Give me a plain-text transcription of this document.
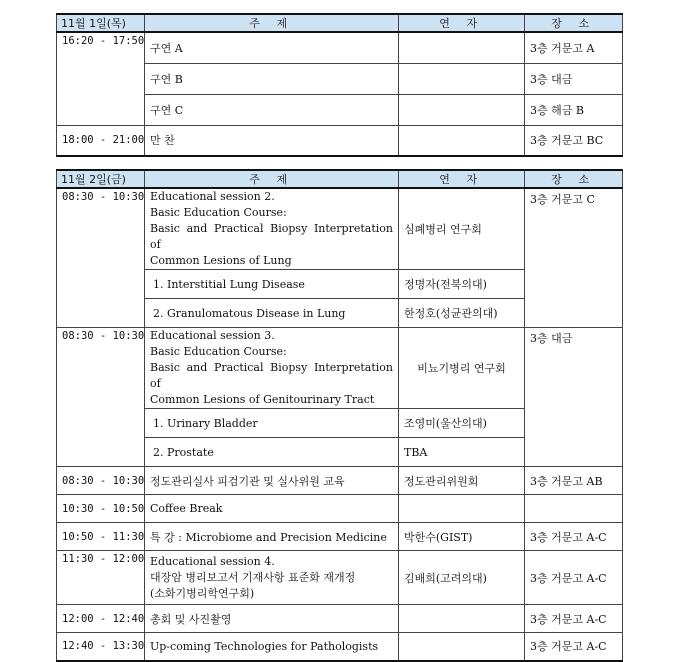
11월 1일(목)	주 제	연 자	장 소
16:20 - 17:50	구연 A		3층 거문고 A
	구연 B		3층 대금
	구연 C		3층 해금 B
18:00 - 21:00	만 찬		3층 거문고 BC
11월 2일(금)	주 제	연 자	장 소
08:30 - 10:30	Educational session 2.
Basic Education Course:
Basic and Practical Biopsy Interpretation of
Common Lesions of Lung	심폐병리 연구회	3층 거문고 C
	1. Interstitial Lung Disease	정명자(전북의대)	
	2. Granulomatous Disease in Lung	한정호(성균관의대)	
08:30 - 10:30	Educational session 3.
Basic Education Course:
Basic and Practical Biopsy Interpretation of
Common Lesions of Genitourinary Tract	비뇨기병리 연구회	3층 대금
	1. Urinary Bladder	조영미(울산의대)	
	2. Prostate	TBA	
08:30 - 10:30	정도관리실사 피검기관 및 실사위원 교육	정도관리위원회	3층 거문고 AB
10:30 - 10:50	Coffee Break		
10:50 - 11:30	특 강 : Microbiome and Precision Medicine	박한수(GIST)	3층 거문고 A-C
11:30 - 12:00	Educational session 4.
대장암 병리보고서 기재사항 표준화 재개정
(소화기병리학연구회)	김배희(고려의대)	3층 거문고 A-C
12:00 - 12:40	총회 및 사진촬영		3층 거문고 A-C
12:40 - 13:30	Up-coming Technologies for Pathologists		3층 거문고 A-C
